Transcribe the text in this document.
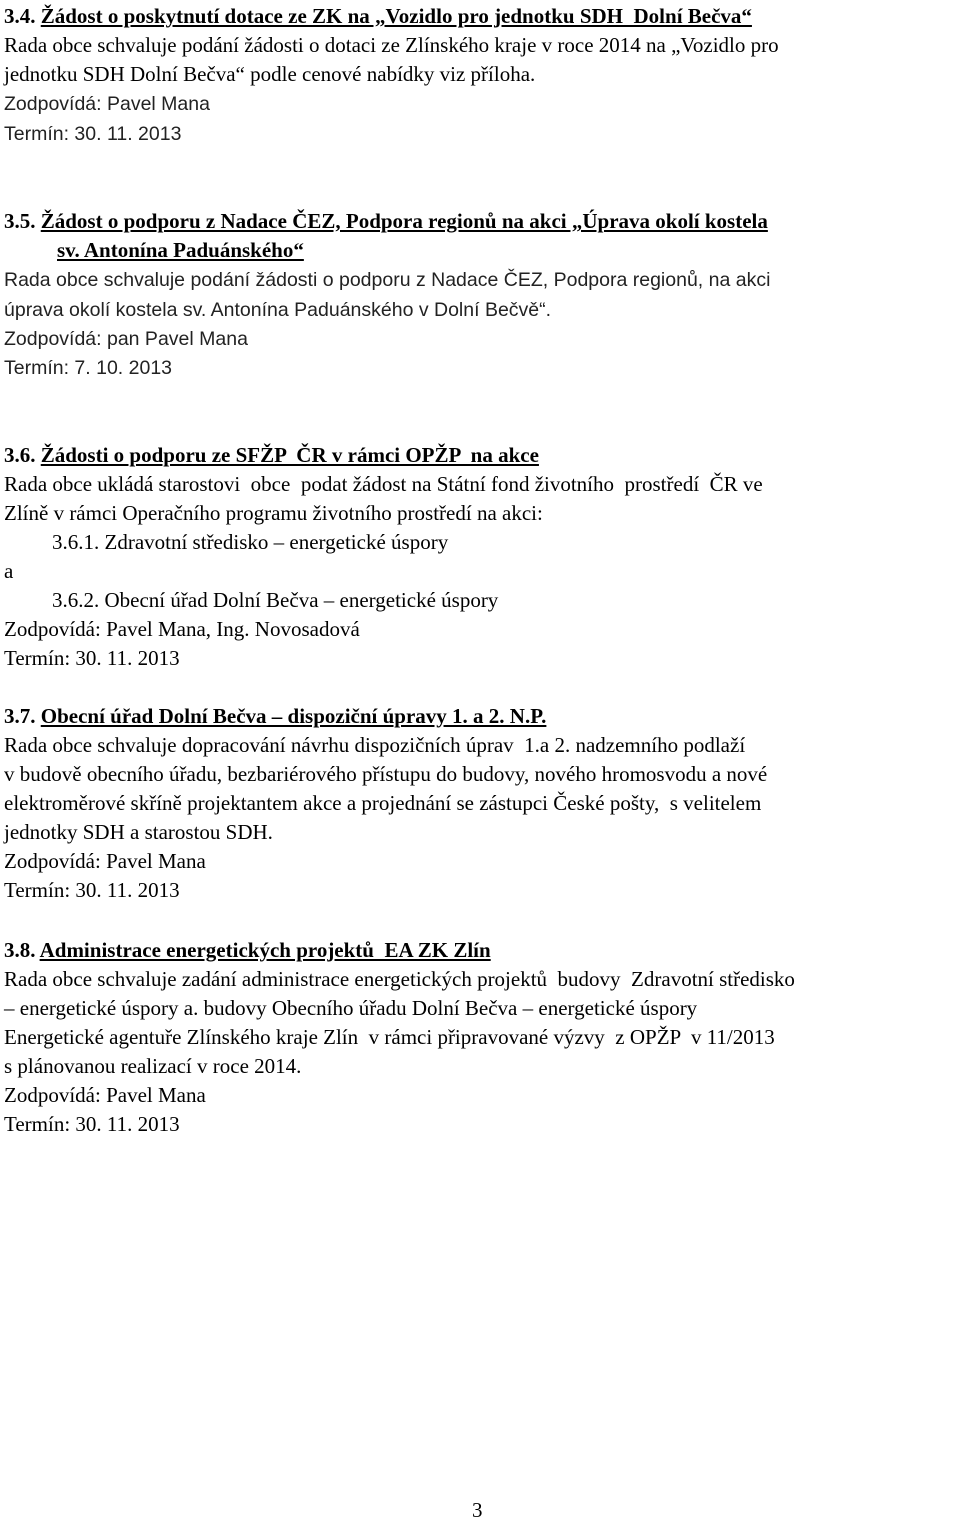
3.4. Žádost o poskytnutí dotace ze ZK na „Vozidlo pro jednotku SDH  Dolní Bečva“
Rada obce schvaluje podání žádosti o dotaci ze Zlínského kraje v roce 2014 na „Vozidlo pro
jednotku SDH Dolní Bečva“ podle cenové nabídky viz příloha.
Zodpovídá: Pavel Mana
Termín: 30. 11. 2013
3.5. Žádost o podporu z Nadace ČEZ, Podpora regionů na akci „Úprava okolí kostela
sv. Antonína Paduánského“
Rada obce schvaluje podání žádosti o podporu z Nadace ČEZ, Podpora regionů, na akci
úprava okolí kostela sv. Antonína Paduánského v Dolní Bečvě“.
Zodpovídá: pan Pavel Mana
Termín: 7. 10. 2013
3.6. Žádosti o podporu ze SFŽP  ČR v rámci OPŽP  na akce
Rada obce ukládá starostovi  obce  podat žádost na Státní fond životního  prostředí  ČR ve
Zlíně v rámci Operačního programu životního prostředí na akci:
3.6.1. Zdravotní středisko – energetické úspory
a
3.6.2. Obecní úřad Dolní Bečva – energetické úspory
Zodpovídá: Pavel Mana, Ing. Novosadová
Termín: 30. 11. 2013
3.7. Obecní úřad Dolní Bečva – dispoziční úpravy 1. a 2. N.P.
Rada obce schvaluje dopracování návrhu dispozičních úprav  1.a 2. nadzemního podlaží
v budově obecního úřadu, bezbariérového přístupu do budovy, nového hromosvodu a nové
elektroměrové skříně projektantem akce a projednání se zástupci České pošty,  s velitelem
jednotky SDH a starostou SDH.
Zodpovídá: Pavel Mana
Termín: 30. 11. 2013
3.8. Administrace energetických projektů  EA ZK Zlín
Rada obce schvaluje zadání administrace energetických projektů  budovy  Zdravotní středisko
– energetické úspory a. budovy Obecního úřadu Dolní Bečva – energetické úspory
Energetické agentuře Zlínského kraje Zlín  v rámci připravované výzvy  z OPŽP  v 11/2013
s plánovanou realizací v roce 2014.
Zodpovídá: Pavel Mana
Termín: 30. 11. 2013
3
